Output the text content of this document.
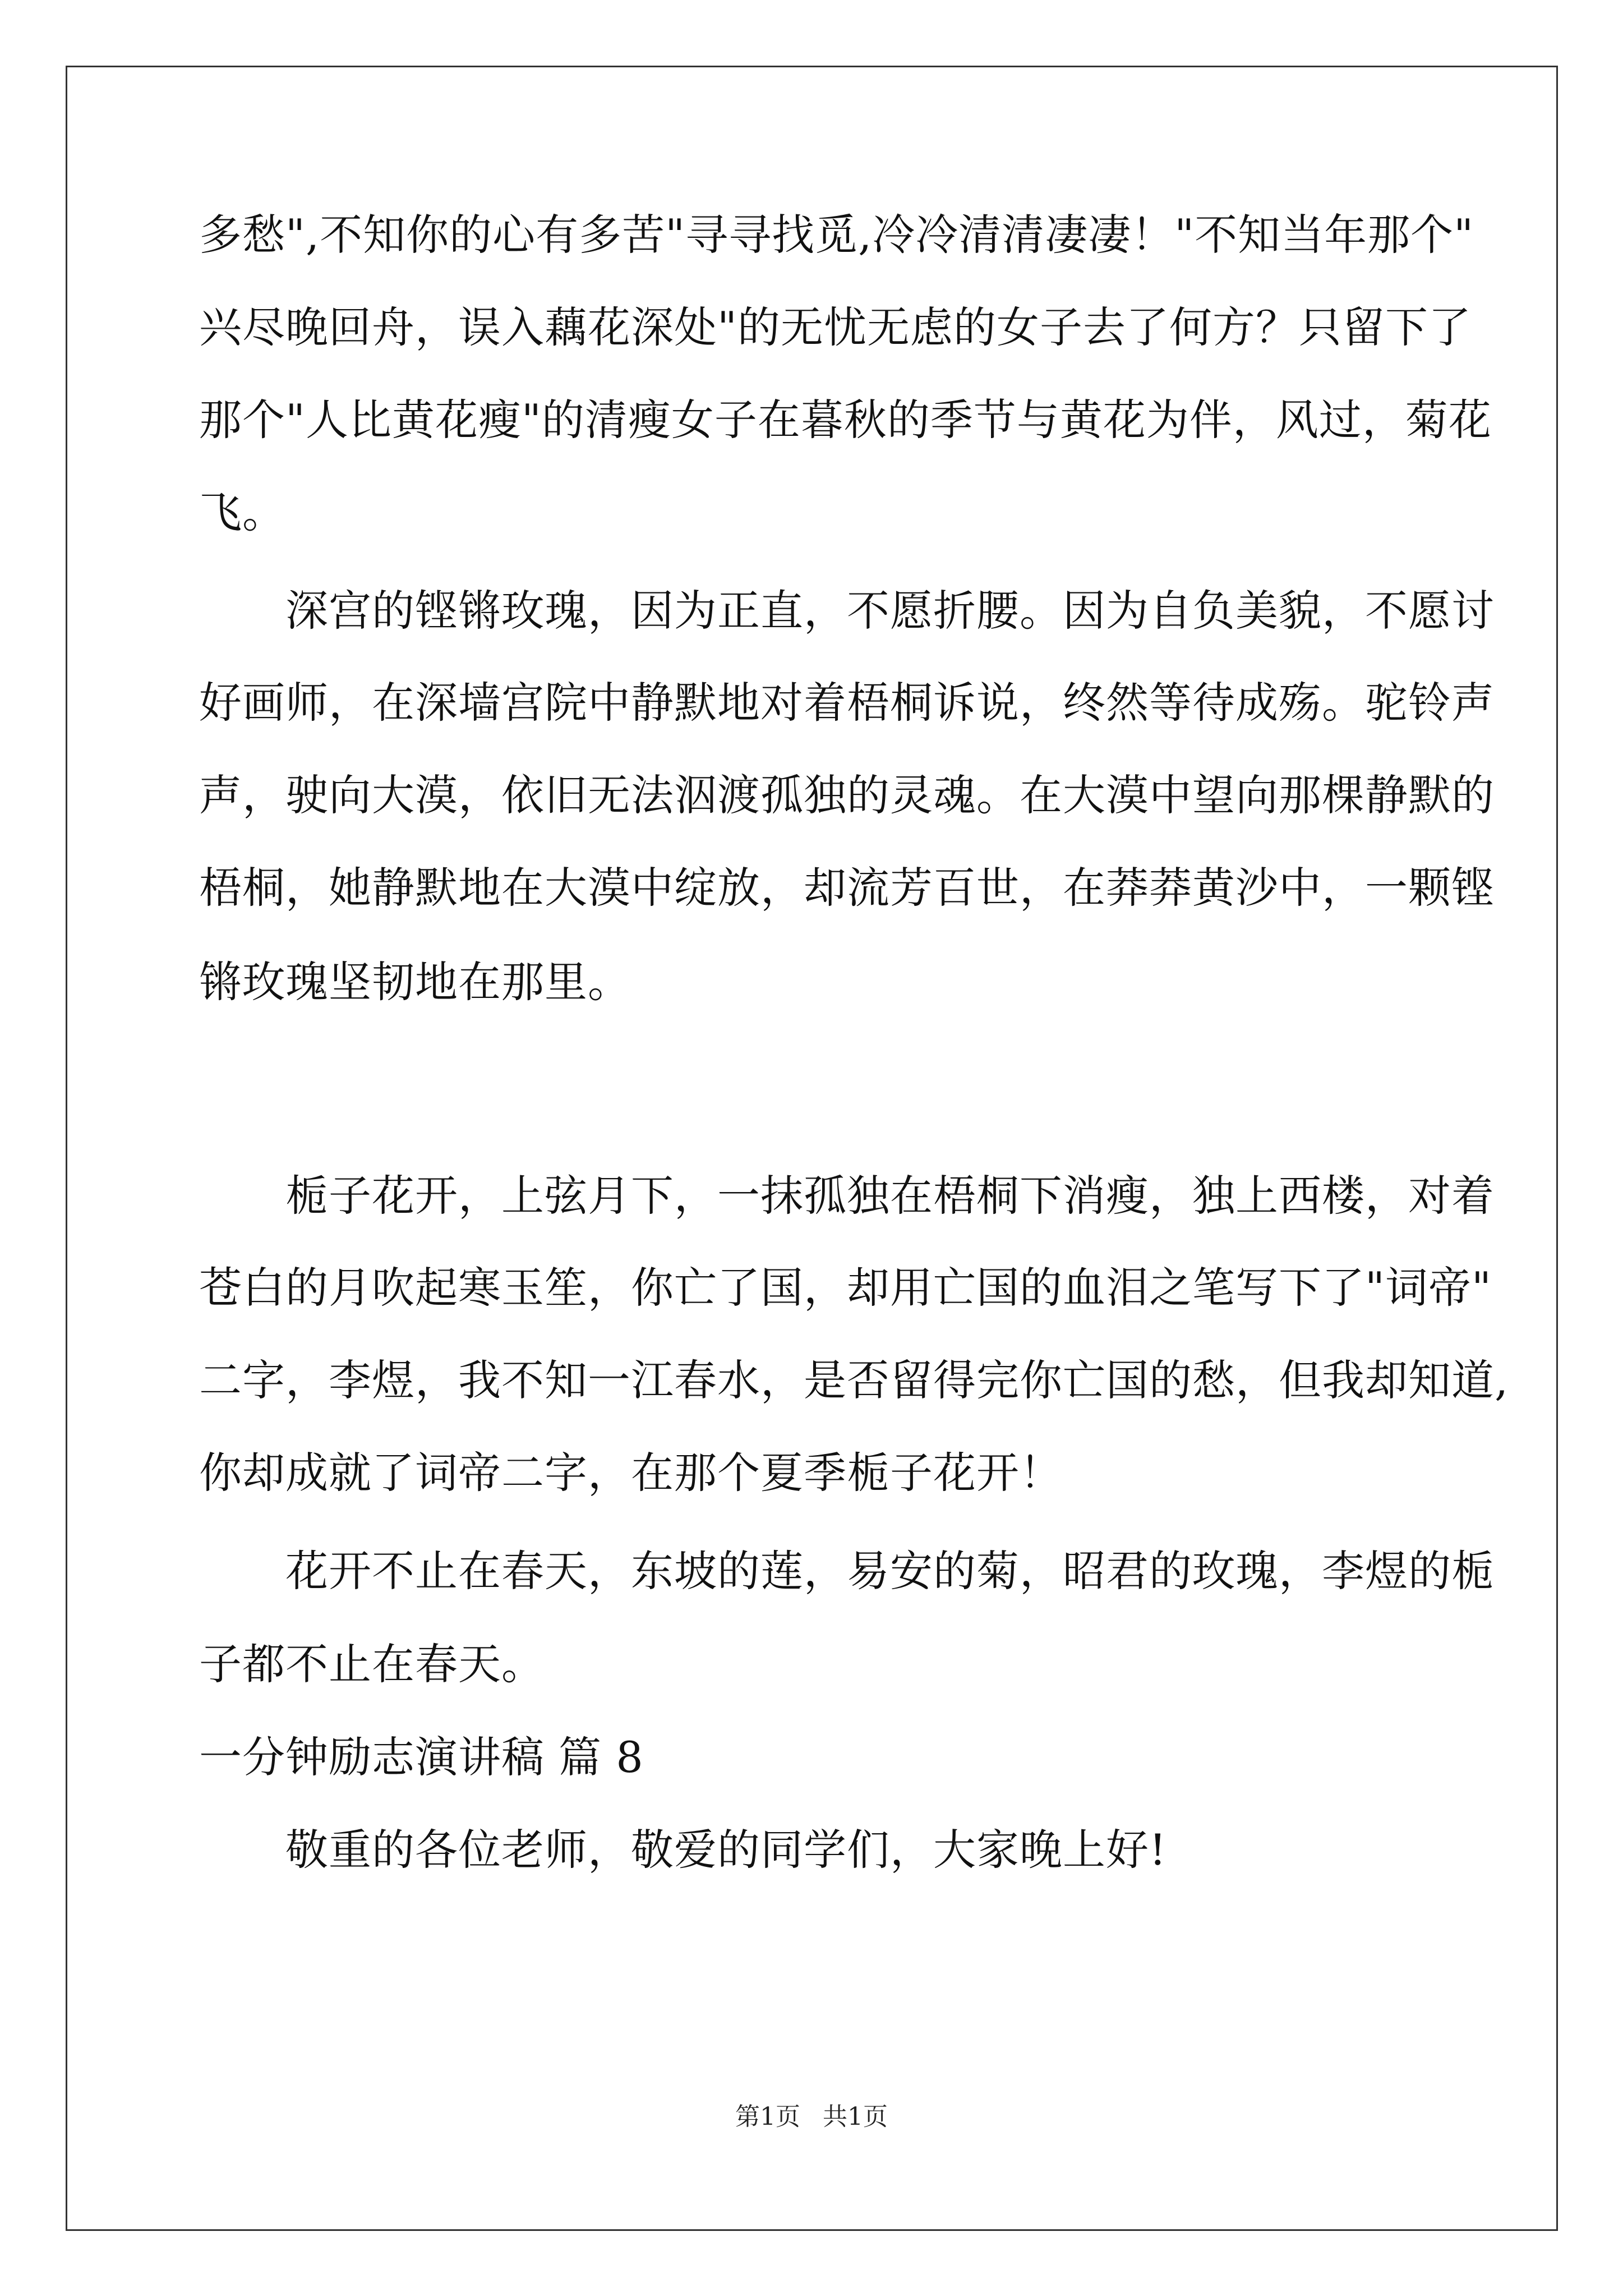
多愁",不知你的心有多苦"寻寻找觅,冷冷清清凄凄！"不知当年那个"
兴尽晚回舟，误入藕花深处"的无忧无虑的女子去了何方？只留下了
那个"人比黄花瘦"的清瘦女子在暮秋的季节与黄花为伴，风过，菊花
飞。
　　深宫的铿锵玫瑰，因为正直，不愿折腰。因为自负美貌，不愿讨
好画师，在深墙宫院中静默地对着梧桐诉说，终然等待成殇。驼铃声
声，驶向大漠，依旧无法泅渡孤独的灵魂。在大漠中望向那棵静默的
梧桐，她静默地在大漠中绽放，却流芳百世，在莽莽黄沙中，一颗铿
锵玫瑰坚韧地在那里。
　　栀子花开，上弦月下，一抹孤独在梧桐下消瘦，独上西楼，对着
苍白的月吹起寒玉笙，你亡了国，却用亡国的血泪之笔写下了"词帝"
二字，李煜，我不知一江春水，是否留得完你亡国的愁，但我却知道,
你却成就了词帝二字，在那个夏季栀子花开！
　　花开不止在春天，东坡的莲，易安的菊，昭君的玫瑰，李煜的栀
子都不止在春天。
一分钟励志演讲稿 篇 8
　　敬重的各位老师，敬爱的同学们，大家晚上好!
第1页 共1页
